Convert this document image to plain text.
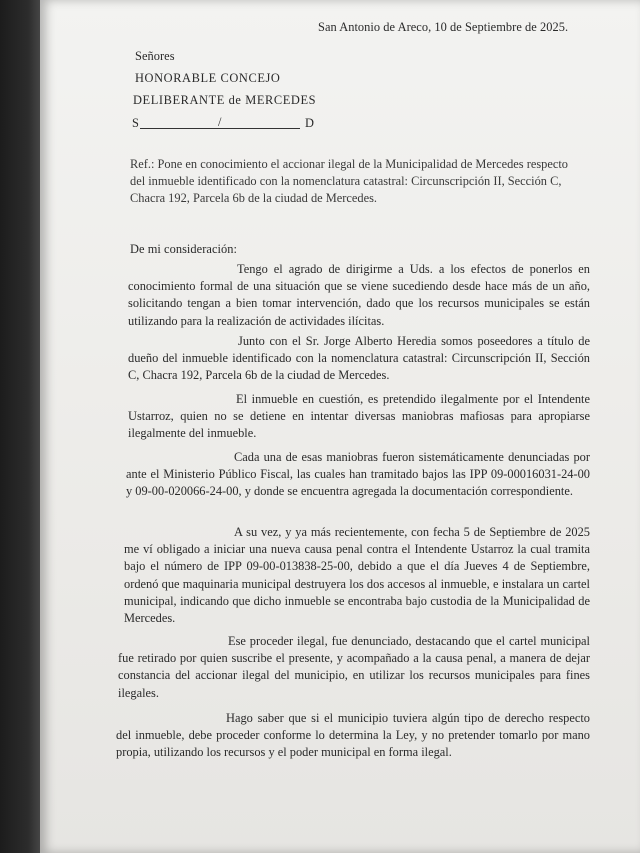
San Antonio de Areco, 10 de Septiembre de 2025.
Señores
HONORABLE CONCEJO
DELIBERANTE de MERCEDES
S	/	D

Ref.: Pone en conocimiento el accionar ilegal de la Municipalidad de Mercedes respecto

del inmueble identificado con la nomenclatura catastral: Circunscripción II, Sección C,

Chacra 192, Parcela 6b de la ciudad de Mercedes.

De mi consideración:

Tengo el agrado de dirigirme a Uds. a los efectos de ponerlos en conocimiento formal de una situación que se viene sucediendo desde hace más de un año, solicitando tengan a bien tomar intervención, dado que los recursos municipales se están utilizando para la realización de actividades ilícitas.

Junto con el Sr. Jorge Alberto Heredia somos poseedores a título de dueño del inmueble identificado con la nomenclatura catastral: Circunscripción II, Sección C, Chacra 192, Parcela 6b de la ciudad de Mercedes.

El inmueble en cuestión, es pretendido ilegalmente por el Intendente Ustarroz, quien no se detiene en intentar diversas maniobras mafiosas para apropiarse ilegalmente del inmueble.

Cada una de esas maniobras fueron sistemáticamente denunciadas por ante el Ministerio Público Fiscal, las cuales han tramitado bajos las IPP 09-00016031-24-00 y 09-00-020066-24-00, y donde se encuentra agregada la documentación correspondiente.

A su vez, y ya más recientemente, con fecha 5 de Septiembre de 2025 me ví obligado a iniciar una nueva causa penal contra el Intendente Ustarroz la cual tramita bajo el número de IPP 09-00-013838-25-00, debido a que el día Jueves 4 de Septiembre, ordenó que maquinaria municipal destruyera los dos accesos al inmueble, e instalara un cartel municipal, indicando que dicho inmueble se encontraba bajo custodia de la Municipalidad de Mercedes.

Ese proceder ilegal, fue denunciado, destacando que el cartel municipal fue retirado por quien suscribe el presente, y acompañado a la causa penal, a manera de dejar constancia del accionar ilegal del municipio, en utilizar los recursos municipales para fines ilegales.

Hago saber que si el municipio tuviera algún tipo de derecho respecto del inmueble, debe proceder conforme lo determina la Ley, y no pretender tomarlo por mano propia, utilizando los recursos y el poder municipal en forma ilegal.
